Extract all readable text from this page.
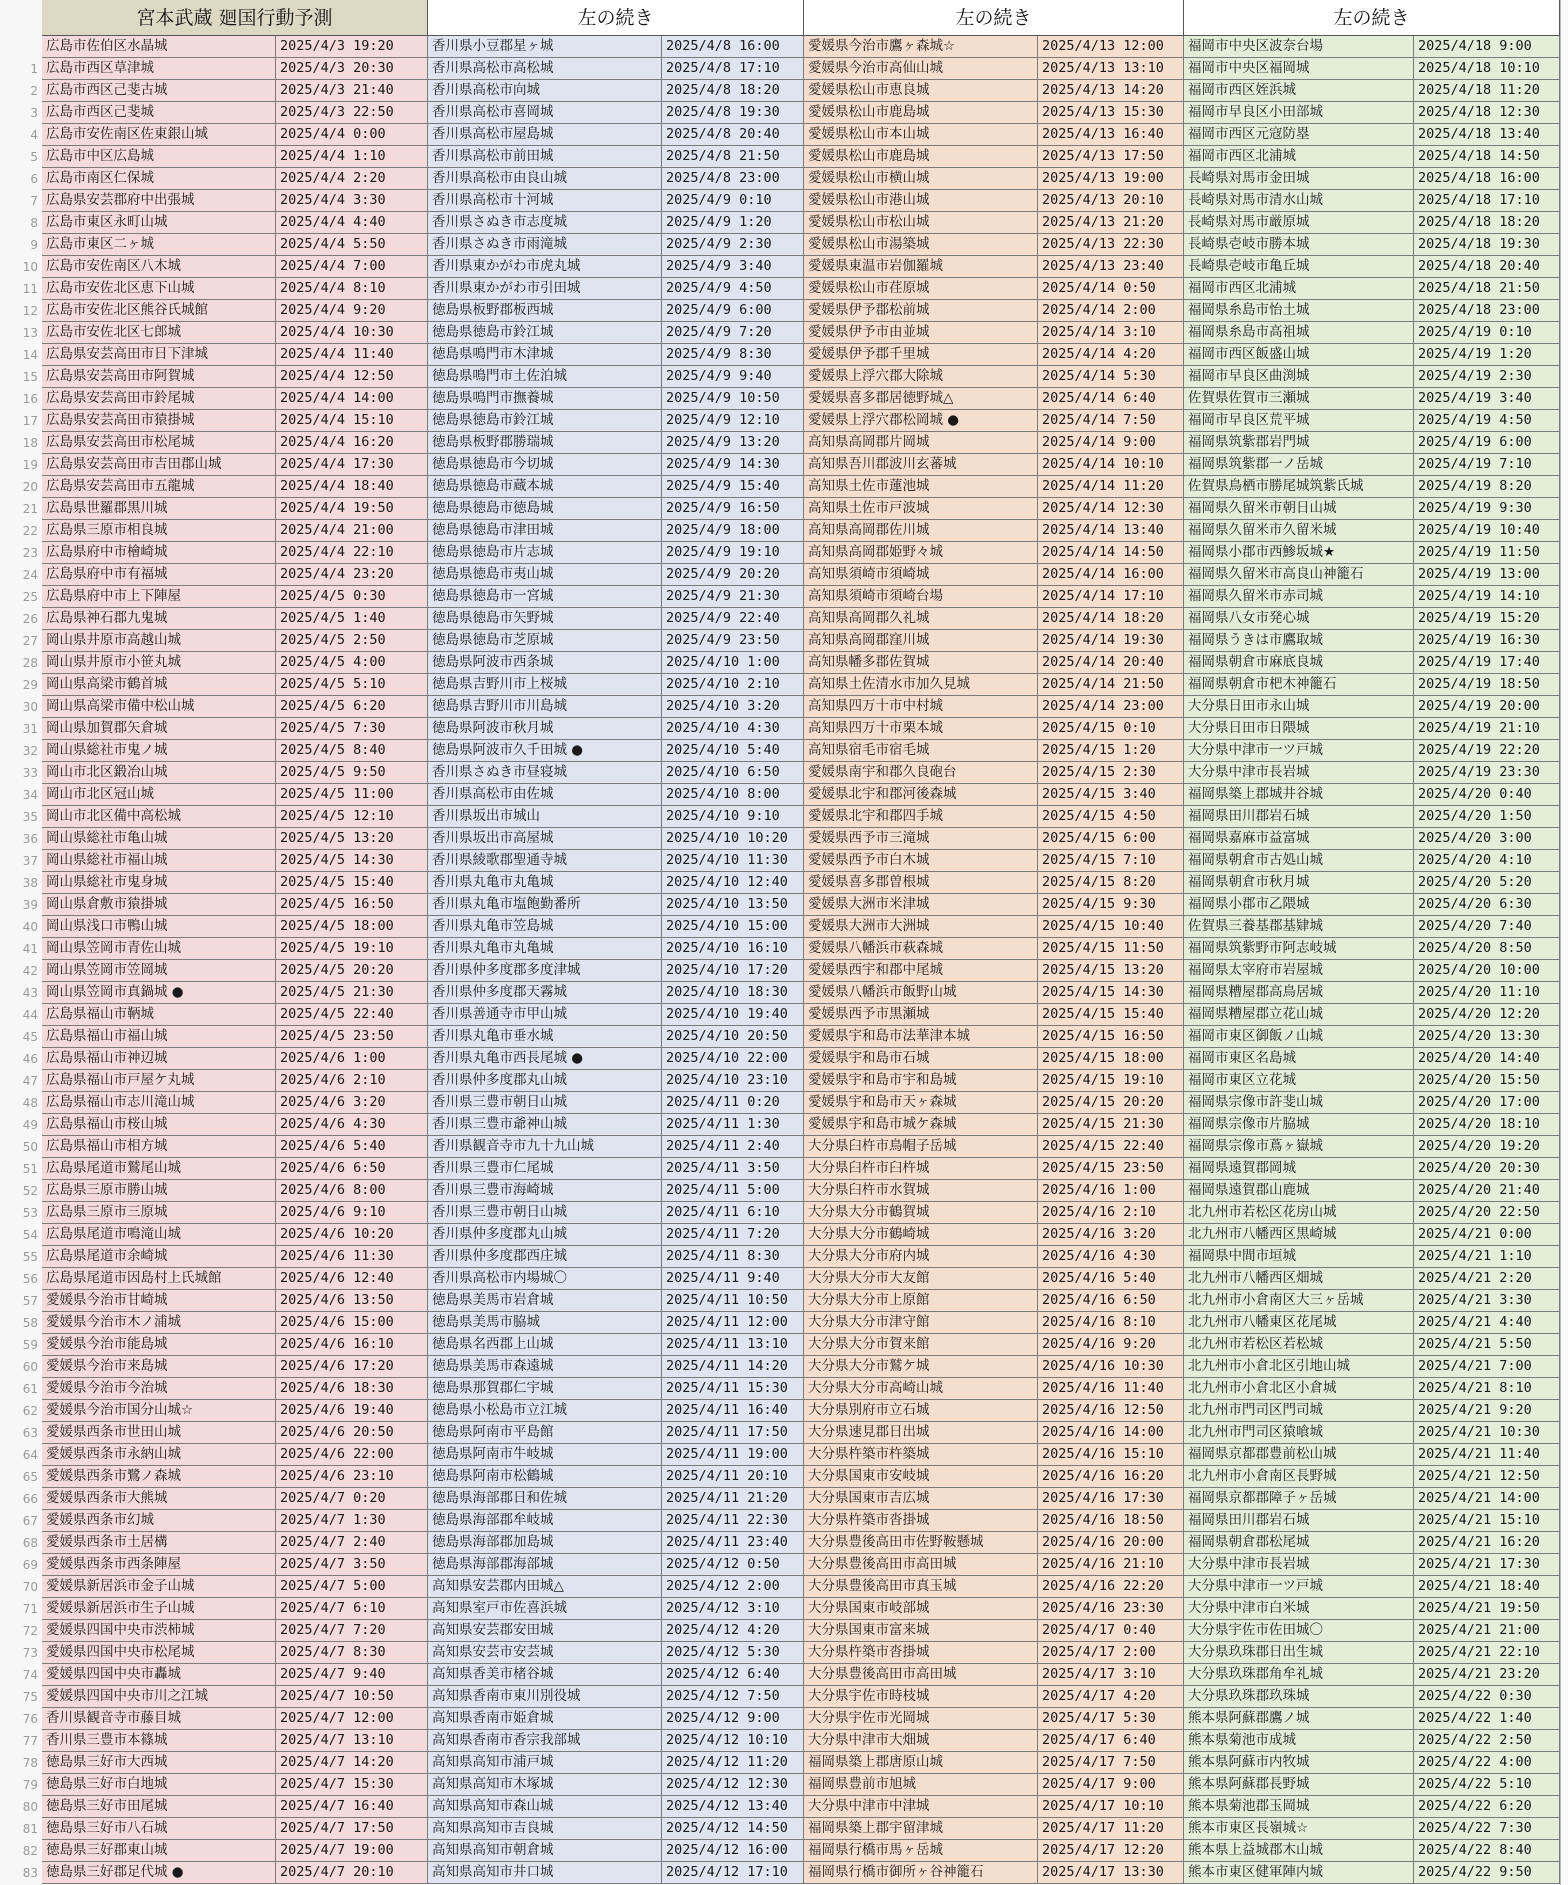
宮本武蔵 廻国行動予測	左の続き	左の続き	左の続き
広島市佐伯区水晶城	2025/4/3 19:20	香川県小豆郡星ヶ城	2025/4/8 16:00	愛媛県今治市鷹ヶ森城☆	2025/4/13 12:00	福岡市中央区波奈台場	2025/4/18 9:00
1 広島市西区草津城	2025/4/3 20:30	香川県高松市高松城	2025/4/8 17:10	愛媛県今治市高仙山城	2025/4/13 13:10	福岡市中央区福岡城	2025/4/18 10:10
2 広島市西区己斐古城	2025/4/3 21:40	香川県高松市向城	2025/4/8 18:20	愛媛県松山市恵良城	2025/4/13 14:20	福岡市西区姪浜城	2025/4/18 11:20
3 広島市西区己斐城	2025/4/3 22:50	香川県高松市喜岡城	2025/4/8 19:30	愛媛県松山市鹿島城	2025/4/13 15:30	福岡市早良区小田部城	2025/4/18 12:30
4 広島市安佐南区佐東銀山城	2025/4/4 0:00	香川県高松市屋島城	2025/4/8 20:40	愛媛県松山市本山城	2025/4/13 16:40	福岡市西区元寇防塁	2025/4/18 13:40
5 広島市中区広島城	2025/4/4 1:10	香川県高松市前田城	2025/4/8 21:50	愛媛県松山市鹿島城	2025/4/13 17:50	福岡市西区北浦城	2025/4/18 14:50
6 広島市南区仁保城	2025/4/4 2:20	香川県高松市由良山城	2025/4/8 23:00	愛媛県松山市横山城	2025/4/13 19:00	長崎県対馬市金田城	2025/4/18 16:00
7 広島県安芸郡府中出張城	2025/4/4 3:30	香川県高松市十河城	2025/4/9 0:10	愛媛県松山市港山城	2025/4/13 20:10	長崎県対馬市清水山城	2025/4/18 17:10
8 広島市東区永町山城	2025/4/4 4:40	香川県さぬき市志度城	2025/4/9 1:20	愛媛県松山市松山城	2025/4/13 21:20	長崎県対馬市厳原城	2025/4/18 18:20
9 広島市東区二ヶ城	2025/4/4 5:50	香川県さぬき市雨滝城	2025/4/9 2:30	愛媛県松山市湯築城	2025/4/13 22:30	長崎県壱岐市勝本城	2025/4/18 19:30
10 広島市安佐南区八木城	2025/4/4 7:00	香川県東かがわ市虎丸城	2025/4/9 3:40	愛媛県東温市岩伽羅城	2025/4/13 23:40	長崎県壱岐市亀丘城	2025/4/18 20:40
11 広島市安佐北区恵下山城	2025/4/4 8:10	香川県東かがわ市引田城	2025/4/9 4:50	愛媛県松山市荏原城	2025/4/14 0:50	福岡市西区北浦城	2025/4/18 21:50
12 広島市安佐北区熊谷氏城館	2025/4/4 9:20	徳島県板野郡板西城	2025/4/9 6:00	愛媛県伊予郡松前城	2025/4/14 2:00	福岡県糸島市怡土城	2025/4/18 23:00
13 広島市安佐北区七郎城	2025/4/4 10:30	徳島県徳島市鈴江城	2025/4/9 7:20	愛媛県伊予市由並城	2025/4/14 3:10	福岡県糸島市高祖城	2025/4/19 0:10
14 広島県安芸高田市日下津城	2025/4/4 11:40	徳島県鳴門市木津城	2025/4/9 8:30	愛媛県伊予郡千里城	2025/4/14 4:20	福岡市西区飯盛山城	2025/4/19 1:20
15 広島県安芸高田市阿賀城	2025/4/4 12:50	徳島県鳴門市土佐泊城	2025/4/9 9:40	愛媛県上浮穴郡大除城	2025/4/14 5:30	福岡市早良区曲渕城	2025/4/19 2:30
16 広島県安芸高田市鈴尾城	2025/4/4 14:00	徳島県鳴門市撫養城	2025/4/9 10:50	愛媛県喜多郡居徳野城△	2025/4/14 6:40	佐賀県佐賀市三瀬城	2025/4/19 3:40
17 広島県安芸高田市猿掛城	2025/4/4 15:10	徳島県徳島市鈴江城	2025/4/9 12:10	愛媛県上浮穴郡松岡城 ●	2025/4/14 7:50	福岡市早良区荒平城	2025/4/19 4:50
18 広島県安芸高田市松尾城	2025/4/4 16:20	徳島県板野郡勝瑞城	2025/4/9 13:20	高知県高岡郡片岡城	2025/4/14 9:00	福岡県筑紫郡岩門城	2025/4/19 6:00
19 広島県安芸高田市吉田郡山城	2025/4/4 17:30	徳島県徳島市今切城	2025/4/9 14:30	高知県吾川郡波川玄蕃城	2025/4/14 10:10	福岡県筑紫郡一ノ岳城	2025/4/19 7:10
20 広島県安芸高田市五龍城	2025/4/4 18:40	徳島県徳島市蔵本城	2025/4/9 15:40	高知県土佐市蓮池城	2025/4/14 11:20	佐賀県鳥栖市勝尾城筑紫氏城	2025/4/19 8:20
21 広島県世羅郡黒川城	2025/4/4 19:50	徳島県徳島市徳島城	2025/4/9 16:50	高知県土佐市戸波城	2025/4/14 12:30	福岡県久留米市朝日山城	2025/4/19 9:30
22 広島県三原市相良城	2025/4/4 21:00	徳島県徳島市津田城	2025/4/9 18:00	高知県高岡郡佐川城	2025/4/14 13:40	福岡県久留米市久留米城	2025/4/19 10:40
23 広島県府中市檜崎城	2025/4/4 22:10	徳島県徳島市片志城	2025/4/9 19:10	高知県高岡郡姫野々城	2025/4/14 14:50	福岡県小郡市西鯵坂城★	2025/4/19 11:50
24 広島県府中市有福城	2025/4/4 23:20	徳島県徳島市夷山城	2025/4/9 20:20	高知県須崎市須崎城	2025/4/14 16:00	福岡県久留米市高良山神籠石	2025/4/19 13:00
25 広島県府中市上下陣屋	2025/4/5 0:30	徳島県徳島市一宮城	2025/4/9 21:30	高知県須崎市須崎台場	2025/4/14 17:10	福岡県久留米市赤司城	2025/4/19 14:10
26 広島県神石郡九鬼城	2025/4/5 1:40	徳島県徳島市矢野城	2025/4/9 22:40	高知県高岡郡久礼城	2025/4/14 18:20	福岡県八女市発心城	2025/4/19 15:20
27 岡山県井原市高越山城	2025/4/5 2:50	徳島県徳島市芝原城	2025/4/9 23:50	高知県高岡郡窪川城	2025/4/14 19:30	福岡県うきは市鷹取城	2025/4/19 16:30
28 岡山県井原市小笹丸城	2025/4/5 4:00	徳島県阿波市西条城	2025/4/10 1:00	高知県幡多郡佐賀城	2025/4/14 20:40	福岡県朝倉市麻底良城	2025/4/19 17:40
29 岡山県高梁市鶴首城	2025/4/5 5:10	徳島県吉野川市上桜城	2025/4/10 2:10	高知県土佐清水市加久見城	2025/4/14 21:50	福岡県朝倉市杷木神籠石	2025/4/19 18:50
30 岡山県高梁市備中松山城	2025/4/5 6:20	徳島県吉野川市川島城	2025/4/10 3:20	高知県四万十市中村城	2025/4/14 23:00	大分県日田市永山城	2025/4/19 20:00
31 岡山県加賀郡矢倉城	2025/4/5 7:30	徳島県阿波市秋月城	2025/4/10 4:30	高知県四万十市栗本城	2025/4/15 0:10	大分県日田市日隈城	2025/4/19 21:10
32 岡山県総社市鬼ノ城	2025/4/5 8:40	徳島県阿波市久千田城 ●	2025/4/10 5:40	高知県宿毛市宿毛城	2025/4/15 1:20	大分県中津市一ツ戸城	2025/4/19 22:20
33 岡山市北区鍛冶山城	2025/4/5 9:50	香川県さぬき市昼寝城	2025/4/10 6:50	愛媛県南宇和郡久良砲台	2025/4/15 2:30	大分県中津市長岩城	2025/4/19 23:30
34 岡山市北区冠山城	2025/4/5 11:00	香川県高松市由佐城	2025/4/10 8:00	愛媛県北宇和郡河後森城	2025/4/15 3:40	福岡県築上郡城井谷城	2025/4/20 0:40
35 岡山市北区備中高松城	2025/4/5 12:10	香川県坂出市城山	2025/4/10 9:10	愛媛県北宇和郡四手城	2025/4/15 4:50	福岡県田川郡岩石城	2025/4/20 1:50
36 岡山県総社市亀山城	2025/4/5 13:20	香川県坂出市高屋城	2025/4/10 10:20	愛媛県西予市三滝城	2025/4/15 6:00	福岡県嘉麻市益富城	2025/4/20 3:00
37 岡山県総社市福山城	2025/4/5 14:30	香川県綾歌郡聖通寺城	2025/4/10 11:30	愛媛県西予市白木城	2025/4/15 7:10	福岡県朝倉市古処山城	2025/4/20 4:10
38 岡山県総社市鬼身城	2025/4/5 15:40	香川県丸亀市丸亀城	2025/4/10 12:40	愛媛県喜多郡曽根城	2025/4/15 8:20	福岡県朝倉市秋月城	2025/4/20 5:20
39 岡山県倉敷市猿掛城	2025/4/5 16:50	香川県丸亀市塩飽勤番所	2025/4/10 13:50	愛媛県大洲市米津城	2025/4/15 9:30	福岡県小郡市乙隈城	2025/4/20 6:30
40 岡山県浅口市鴨山城	2025/4/5 18:00	香川県丸亀市笠島城	2025/4/10 15:00	愛媛県大洲市大洲城	2025/4/15 10:40	佐賀県三養基郡基肄城	2025/4/20 7:40
41 岡山県笠岡市青佐山城	2025/4/5 19:10	香川県丸亀市丸亀城	2025/4/10 16:10	愛媛県八幡浜市萩森城	2025/4/15 11:50	福岡県筑紫野市阿志岐城	2025/4/20 8:50
42 岡山県笠岡市笠岡城	2025/4/5 20:20	香川県仲多度郡多度津城	2025/4/10 17:20	愛媛県西宇和郡中尾城	2025/4/15 13:20	福岡県太宰府市岩屋城	2025/4/20 10:00
43 岡山県笠岡市真鍋城 ●	2025/4/5 21:30	香川県仲多度郡天霧城	2025/4/10 18:30	愛媛県八幡浜市飯野山城	2025/4/15 14:30	福岡県糟屋郡高鳥居城	2025/4/20 11:10
44 広島県福山市鞆城	2025/4/5 22:40	香川県善通寺市甲山城	2025/4/10 19:40	愛媛県西予市黒瀬城	2025/4/15 15:40	福岡県糟屋郡立花山城	2025/4/20 12:20
45 広島県福山市福山城	2025/4/5 23:50	香川県丸亀市垂水城	2025/4/10 20:50	愛媛県宇和島市法華津本城	2025/4/15 16:50	福岡市東区御飯ノ山城	2025/4/20 13:30
46 広島県福山市神辺城	2025/4/6 1:00	香川県丸亀市西長尾城 ●	2025/4/10 22:00	愛媛県宇和島市石城	2025/4/15 18:00	福岡市東区名島城	2025/4/20 14:40
47 広島県福山市戸屋ケ丸城	2025/4/6 2:10	香川県仲多度郡丸山城	2025/4/10 23:10	愛媛県宇和島市宇和島城	2025/4/15 19:10	福岡市東区立花城	2025/4/20 15:50
48 広島県福山市志川滝山城	2025/4/6 3:20	香川県三豊市朝日山城	2025/4/11 0:20	愛媛県宇和島市天ヶ森城	2025/4/15 20:20	福岡県宗像市許斐山城	2025/4/20 17:00
49 広島県福山市桜山城	2025/4/6 4:30	香川県三豊市爺神山城	2025/4/11 1:30	愛媛県宇和島市城ケ森城	2025/4/15 21:30	福岡県宗像市片脇城	2025/4/20 18:10
50 広島県福山市相方城	2025/4/6 5:40	香川県観音寺市九十九山城	2025/4/11 2:40	大分県臼杵市鳥帽子岳城	2025/4/15 22:40	福岡県宗像市蔦ヶ嶽城	2025/4/20 19:20
51 広島県尾道市鷲尾山城	2025/4/6 6:50	香川県三豊市仁尾城	2025/4/11 3:50	大分県臼杵市臼杵城	2025/4/15 23:50	福岡県遠賀郡岡城	2025/4/20 20:30
52 広島県三原市勝山城	2025/4/6 8:00	香川県三豊市海崎城	2025/4/11 5:00	大分県臼杵市水賀城	2025/4/16 1:00	福岡県遠賀郡山鹿城	2025/4/20 21:40
53 広島県三原市三原城	2025/4/6 9:10	香川県三豊市朝日山城	2025/4/11 6:10	大分県大分市鶴賀城	2025/4/16 2:10	北九州市若松区花房山城	2025/4/20 22:50
54 広島県尾道市鳴滝山城	2025/4/6 10:20	香川県仲多度郡丸山城	2025/4/11 7:20	大分県大分市鶴崎城	2025/4/16 3:20	北九州市八幡西区黒崎城	2025/4/21 0:00
55 広島県尾道市余崎城	2025/4/6 11:30	香川県仲多度郡西庄城	2025/4/11 8:30	大分県大分市府内城	2025/4/16 4:30	福岡県中間市垣城	2025/4/21 1:10
56 広島県尾道市因島村上氏城館	2025/4/6 12:40	香川県高松市内場城〇	2025/4/11 9:40	大分県大分市大友館	2025/4/16 5:40	北九州市八幡西区畑城	2025/4/21 2:20
57 愛媛県今治市甘崎城	2025/4/6 13:50	徳島県美馬市岩倉城	2025/4/11 10:50	大分県大分市上原館	2025/4/16 6:50	北九州市小倉南区大三ヶ岳城	2025/4/21 3:30
58 愛媛県今治市木ノ浦城	2025/4/6 15:00	徳島県美馬市脇城	2025/4/11 12:00	大分県大分市津守館	2025/4/16 8:10	北九州市八幡東区花尾城	2025/4/21 4:40
59 愛媛県今治市能島城	2025/4/6 16:10	徳島県名西郡上山城	2025/4/11 13:10	大分県大分市賀来館	2025/4/16 9:20	北九州市若松区若松城	2025/4/21 5:50
60 愛媛県今治市来島城	2025/4/6 17:20	徳島県美馬市森遠城	2025/4/11 14:20	大分県大分市鷲ケ城	2025/4/16 10:30	北九州市小倉北区引地山城	2025/4/21 7:00
61 愛媛県今治市今治城	2025/4/6 18:30	徳島県那賀郡仁宇城	2025/4/11 15:30	大分県大分市高崎山城	2025/4/16 11:40	北九州市小倉北区小倉城	2025/4/21 8:10
62 愛媛県今治市国分山城☆	2025/4/6 19:40	徳島県小松島市立江城	2025/4/11 16:40	大分県別府市立石城	2025/4/16 12:50	北九州市門司区門司城	2025/4/21 9:20
63 愛媛県西条市世田山城	2025/4/6 20:50	徳島県阿南市平島館	2025/4/11 17:50	大分県速見郡日出城	2025/4/16 14:00	北九州市門司区猿喰城	2025/4/21 10:30
64 愛媛県西条市永納山城	2025/4/6 22:00	徳島県阿南市牛岐城	2025/4/11 19:00	大分県杵築市杵築城	2025/4/16 15:10	福岡県京都郡豊前松山城	2025/4/21 11:40
65 愛媛県西条市鷺ノ森城	2025/4/6 23:10	徳島県阿南市松鶴城	2025/4/11 20:10	大分県国東市安岐城	2025/4/16 16:20	北九州市小倉南区長野城	2025/4/21 12:50
66 愛媛県西条市大熊城	2025/4/7 0:20	徳島県海部郡日和佐城	2025/4/11 21:20	大分県国東市吉広城	2025/4/16 17:30	福岡県京都郡障子ヶ岳城	2025/4/21 14:00
67 愛媛県西条市幻城	2025/4/7 1:30	徳島県海部郡牟岐城	2025/4/11 22:30	大分県杵築市沓掛城	2025/4/16 18:50	福岡県田川郡岩石城	2025/4/21 15:10
68 愛媛県西条市土居構	2025/4/7 2:40	徳島県海部郡加島城	2025/4/11 23:40	大分県豊後高田市佐野鞍懸城	2025/4/16 20:00	福岡県朝倉郡松尾城	2025/4/21 16:20
69 愛媛県西条市西条陣屋	2025/4/7 3:50	徳島県海部郡海部城	2025/4/12 0:50	大分県豊後高田市高田城	2025/4/16 21:10	大分県中津市長岩城	2025/4/21 17:30
70 愛媛県新居浜市金子山城	2025/4/7 5:00	高知県安芸郡内田城△	2025/4/12 2:00	大分県豊後高田市真玉城	2025/4/16 22:20	大分県中津市一ツ戸城	2025/4/21 18:40
71 愛媛県新居浜市生子山城	2025/4/7 6:10	高知県室戸市佐喜浜城	2025/4/12 3:10	大分県国東市岐部城	2025/4/16 23:30	大分県中津市白米城	2025/4/21 19:50
72 愛媛県四国中央市渋柿城	2025/4/7 7:20	高知県安芸郡安田城	2025/4/12 4:20	大分県国東市富来城	2025/4/17 0:40	大分県宇佐市佐田城〇	2025/4/21 21:00
73 愛媛県四国中央市松尾城	2025/4/7 8:30	高知県安芸市安芸城	2025/4/12 5:30	大分県杵築市沓掛城	2025/4/17 2:00	大分県玖珠郡日出生城	2025/4/21 22:10
74 愛媛県四国中央市轟城	2025/4/7 9:40	高知県香美市楮谷城	2025/4/12 6:40	大分県豊後高田市高田城	2025/4/17 3:10	大分県玖珠郡角牟礼城	2025/4/21 23:20
75 愛媛県四国中央市川之江城	2025/4/7 10:50	高知県香南市東川別役城	2025/4/12 7:50	大分県宇佐市時枝城	2025/4/17 4:20	大分県玖珠郡玖珠城	2025/4/22 0:30
76 香川県観音寺市藤目城	2025/4/7 12:00	高知県香南市姫倉城	2025/4/12 9:00	大分県宇佐市光岡城	2025/4/17 5:30	熊本県阿蘇郡鷹ノ城	2025/4/22 1:40
77 香川県三豊市本篠城	2025/4/7 13:10	高知県香南市香宗我部城	2025/4/12 10:10	大分県中津市大畑城	2025/4/17 6:40	熊本県菊池市成城	2025/4/22 2:50
78 徳島県三好市大西城	2025/4/7 14:20	高知県高知市浦戸城	2025/4/12 11:20	福岡県築上郡唐原山城	2025/4/17 7:50	熊本県阿蘇市内牧城	2025/4/22 4:00
79 徳島県三好市白地城	2025/4/7 15:30	高知県高知市木塚城	2025/4/12 12:30	福岡県豊前市旭城	2025/4/17 9:00	熊本県阿蘇郡長野城	2025/4/22 5:10
80 徳島県三好市田尾城	2025/4/7 16:40	高知県高知市森山城	2025/4/12 13:40	大分県中津市中津城	2025/4/17 10:10	熊本県菊池郡玉岡城	2025/4/22 6:20
81 徳島県三好市八石城	2025/4/7 17:50	高知県高知市吉良城	2025/4/12 14:50	福岡県築上郡宇留津城	2025/4/17 11:20	熊本市東区長嶺城☆	2025/4/22 7:30
82 徳島県三好郡東山城	2025/4/7 19:00	高知県高知市朝倉城	2025/4/12 16:00	福岡県行橋市馬ヶ岳城	2025/4/17 12:20	熊本県上益城郡木山城	2025/4/22 8:40
83 徳島県三好郡足代城 ●	2025/4/7 20:10	高知県高知市井口城	2025/4/12 17:10	福岡県行橋市御所ヶ谷神籠石	2025/4/17 13:30	熊本市東区健軍陣内城	2025/4/22 9:50
